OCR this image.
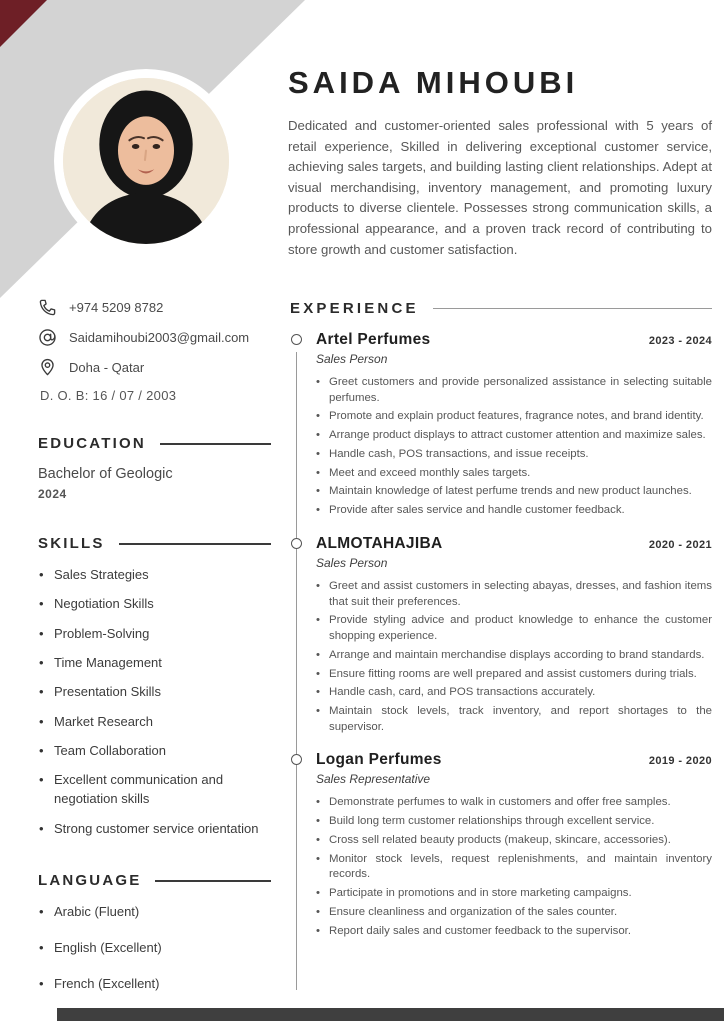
SAIDA MIHOUBI
Dedicated and customer-oriented sales professional with 5 years of retail experience, Skilled in delivering exceptional customer service, achieving sales targets, and building lasting client relationships. Adept at visual merchandising, inventory management, and promoting luxury products to diverse clientele. Possesses strong communication skills, a professional appearance, and a proven track record of contributing to store growth and customer satisfaction.
+974 5209 8782
Saidamihoubi2003@gmail.com
Doha - Qatar
D. O. B: 16 / 07 / 2003
EDUCATION
Bachelor of Geologic
2024
SKILLS
• Sales Strategies
• Negotiation Skills
• Problem-Solving
• Time Management
• Presentation Skills
• Market Research
• Team Collaboration
• Excellent communication and negotiation skills
• Strong customer service orientation
LANGUAGE
• Arabic (Fluent)
• English (Excellent)
• French (Excellent)
EXPERIENCE
Artel Perfumes	2023 - 2024
Sales Person
• Greet customers and provide personalized assistance in selecting suitable perfumes.
• Promote and explain product features, fragrance notes, and brand identity.
• Arrange product displays to attract customer attention and maximize sales.
• Handle cash, POS transactions, and issue receipts.
• Meet and exceed monthly sales targets.
• Maintain knowledge of latest perfume trends and new product launches.
• Provide after sales service and handle customer feedback.
ALMOTAHAJIBA	2020 - 2021
Sales Person
• Greet and assist customers in selecting abayas, dresses, and fashion items that suit their preferences.
• Provide styling advice and product knowledge to enhance the customer shopping experience.
• Arrange and maintain merchandise displays according to brand standards.
• Ensure fitting rooms are well prepared and assist customers during trials.
• Handle cash, card, and POS transactions accurately.
• Maintain stock levels, track inventory, and report shortages to the supervisor.
Logan Perfumes	2019 - 2020
Sales Representative
• Demonstrate perfumes to walk in customers and offer free samples.
• Build long term customer relationships through excellent service.
• Cross sell related beauty products (makeup, skincare, accessories).
• Monitor stock levels, request replenishments, and maintain inventory records.
• Participate in promotions and in store marketing campaigns.
• Ensure cleanliness and organization of the sales counter.
• Report daily sales and customer feedback to the supervisor.
